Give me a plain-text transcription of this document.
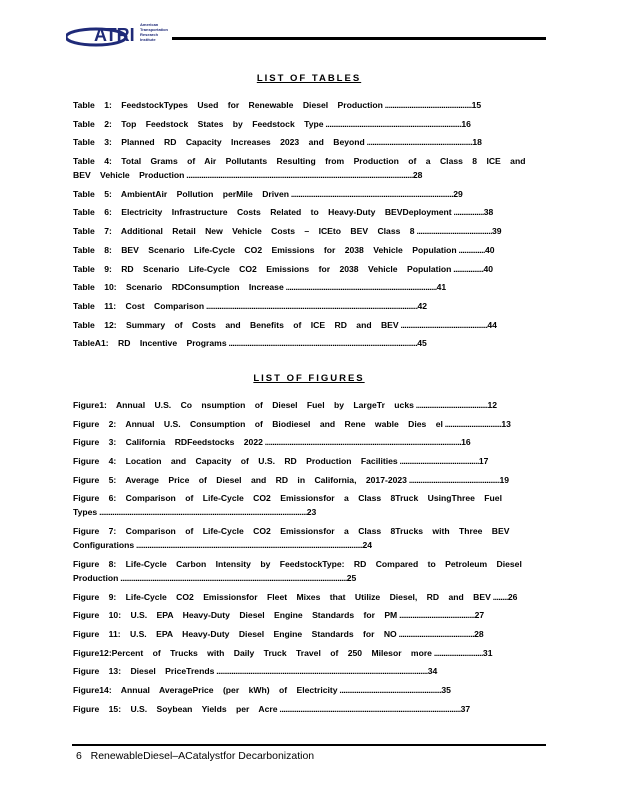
ATRI
American
Transportation
Research
Institute
LIST OF TABLES
Table 1: FeedstockTypes Used for Renewable Diesel Production ..............................................15
Table 2: Top Feedstock States by Feedstock Type ........................................................................16
Table 3: Planned RD Capacity Increases 2023 and Beyond ........................................................18
Table 4: Total Grams of Air Pollutants Resulting from Production of a Class 8 ICE and BEV Vehicle Production ........................................................................................................................28
Table 5: AmbientAir Pollution perMile Driven ......................................................................................29
Table 6: Electricity Infrastructure Costs Related to Heavy-Duty BEVDeployment ................38
Table 7: Additional Retail New Vehicle Costs – ICEto BEV Class 8 ........................................39
Table 8: BEV Scenario Life-Cycle CO2 Emissions for 2038 Vehicle Population ..............40
Table 9: RD Scenario Life-Cycle CO2 Emissions for 2038 Vehicle Population ................40
Table 10: Scenario RDConsumption Increase ................................................................................41
Table 11: Cost Comparison ................................................................................................................42
Table 12: Summary of Costs and Benefits of ICE RD and BEV ..............................................44
TableA1: RD Incentive Programs ....................................................................................................45
LIST OF FIGURES
Figure1: Annual U.S. Co nsumption of Diesel Fuel by LargeTr ucks ......................................12
Figure 2: Annual U.S. Consumption of Biodiesel and Rene wable Dies el ..............................13
Figure 3: California RDFeedstocks 2022 ........................................................................................................16
Figure 4: Location and Capacity of U.S. RD Production Facilities ..........................................17
Figure 5: Average Price of Diesel and RD in California, 2017-2023 ................................................19
Figure 6: Comparison of Life-Cycle CO2 Emissionsfor a Class 8Truck UsingThree Fuel Types ..............................................................................................................23
Figure 7: Comparison of Life-Cycle CO2 Emissionsfor a Class 8Trucks with Three BEV Configurations ........................................................................................................................24
Figure 8: Life-Cycle Carbon Intensity by FeedstockType: RD Compared to Petroleum Diesel Production ........................................................................................................................25
Figure 9: Life-Cycle CO2 Emissionsfor Fleet Mixes that Utilize Diesel, RD and BEV ........26
Figure 10: U.S. EPA Heavy-Duty Diesel Engine Standards for PM ........................................27
Figure 11: U.S. EPA Heavy-Duty Diesel Engine Standards for NO ........................................28
Figure12:Percent of Trucks with Daily Truck Travel of 250 Milesor more ..........................31
Figure 13: Diesel PriceTrends ................................................................................................................34
Figure14: Annual AveragePrice (per kWh) of Electricity ......................................................35
Figure 15: U.S. Soybean Yields per Acre ................................................................................................37
6 RenewableDiesel–ACatalystfor Decarbonization
